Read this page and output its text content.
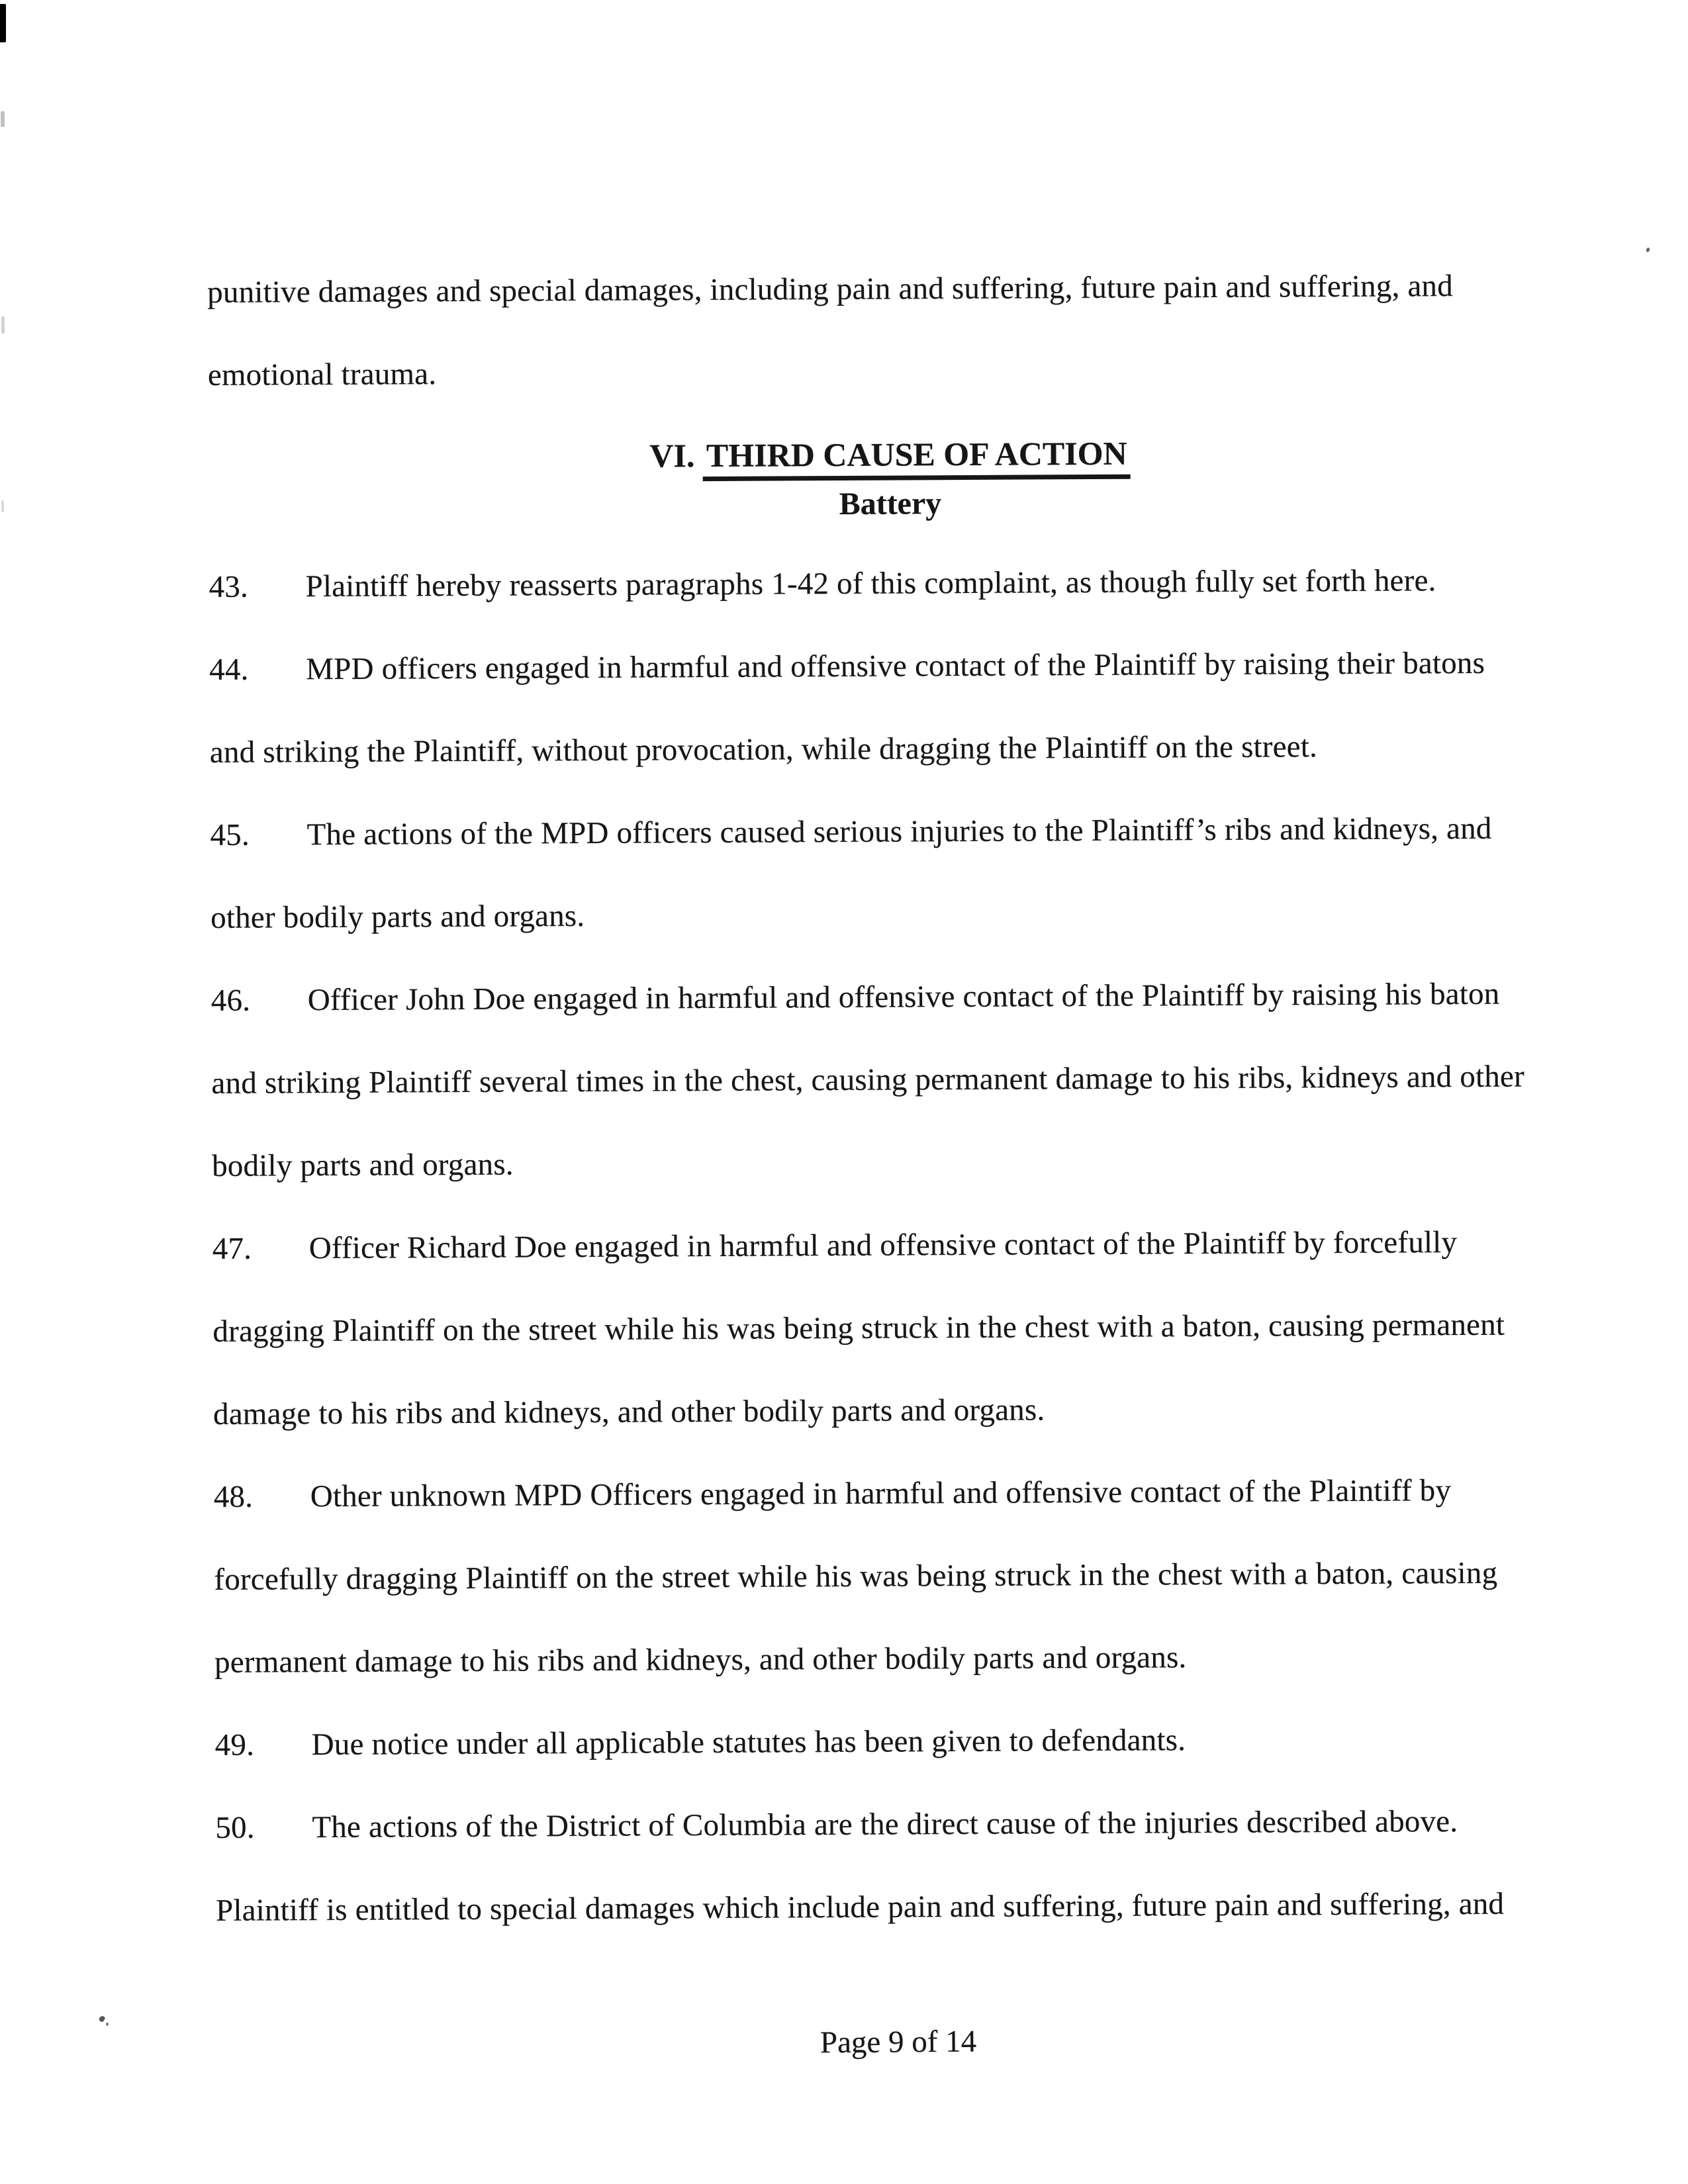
punitive damages and special damages, including pain and suffering, future pain and suffering, and
emotional trauma.
VI. THIRD CAUSE OF ACTION
Battery
43. Plaintiff hereby reasserts paragraphs 1-42 of this complaint, as though fully set forth here.
44. MPD officers engaged in harmful and offensive contact of the Plaintiff by raising their batons
and striking the Plaintiff, without provocation, while dragging the Plaintiff on the street.
45. The actions of the MPD officers caused serious injuries to the Plaintiff’s ribs and kidneys, and
other bodily parts and organs.
46. Officer John Doe engaged in harmful and offensive contact of the Plaintiff by raising his baton
and striking Plaintiff several times in the chest, causing permanent damage to his ribs, kidneys and other
bodily parts and organs.
47. Officer Richard Doe engaged in harmful and offensive contact of the Plaintiff by forcefully
dragging Plaintiff on the street while his was being struck in the chest with a baton, causing permanent
damage to his ribs and kidneys, and other bodily parts and organs.
48. Other unknown MPD Officers engaged in harmful and offensive contact of the Plaintiff by
forcefully dragging Plaintiff on the street while his was being struck in the chest with a baton, causing
permanent damage to his ribs and kidneys, and other bodily parts and organs.
49. Due notice under all applicable statutes has been given to defendants.
50. The actions of the District of Columbia are the direct cause of the injuries described above.
Plaintiff is entitled to special damages which include pain and suffering, future pain and suffering, and
Page 9 of 14
